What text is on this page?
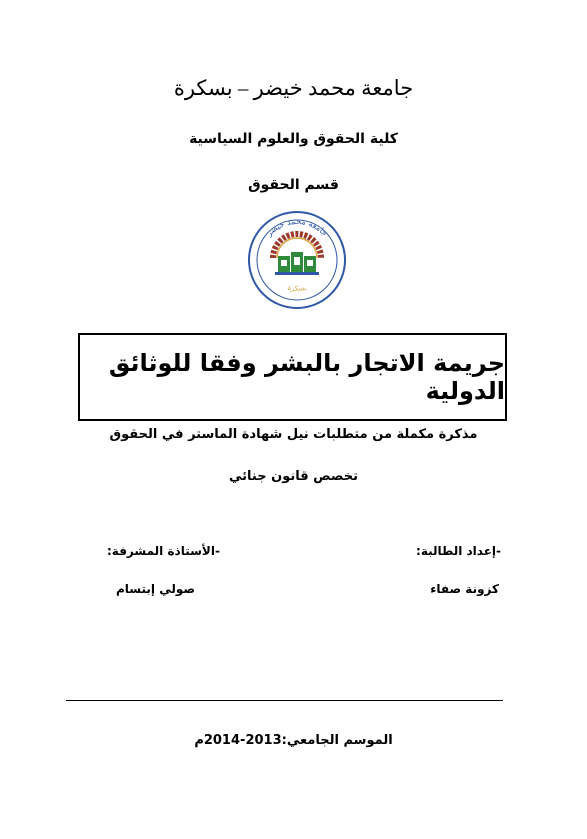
جامعة محمد خيضر – بسكرة
كلية الحقوق والعلوم السياسية
قسم الحقوق
جامعة محمد خيضر
بسكرة
جريمة الاتجار بالبشر وفقا للوثائق الدولية
مذكرة مكملة من متطلبات نيل شهادة الماستر في الحقوق
تخصص قانون جنائي
-إعداد الطالبة:
-الأستاذة المشرفة:
كزونة صفاء
صولي إبتسام
الموسم الجامعي:2013-2014م
